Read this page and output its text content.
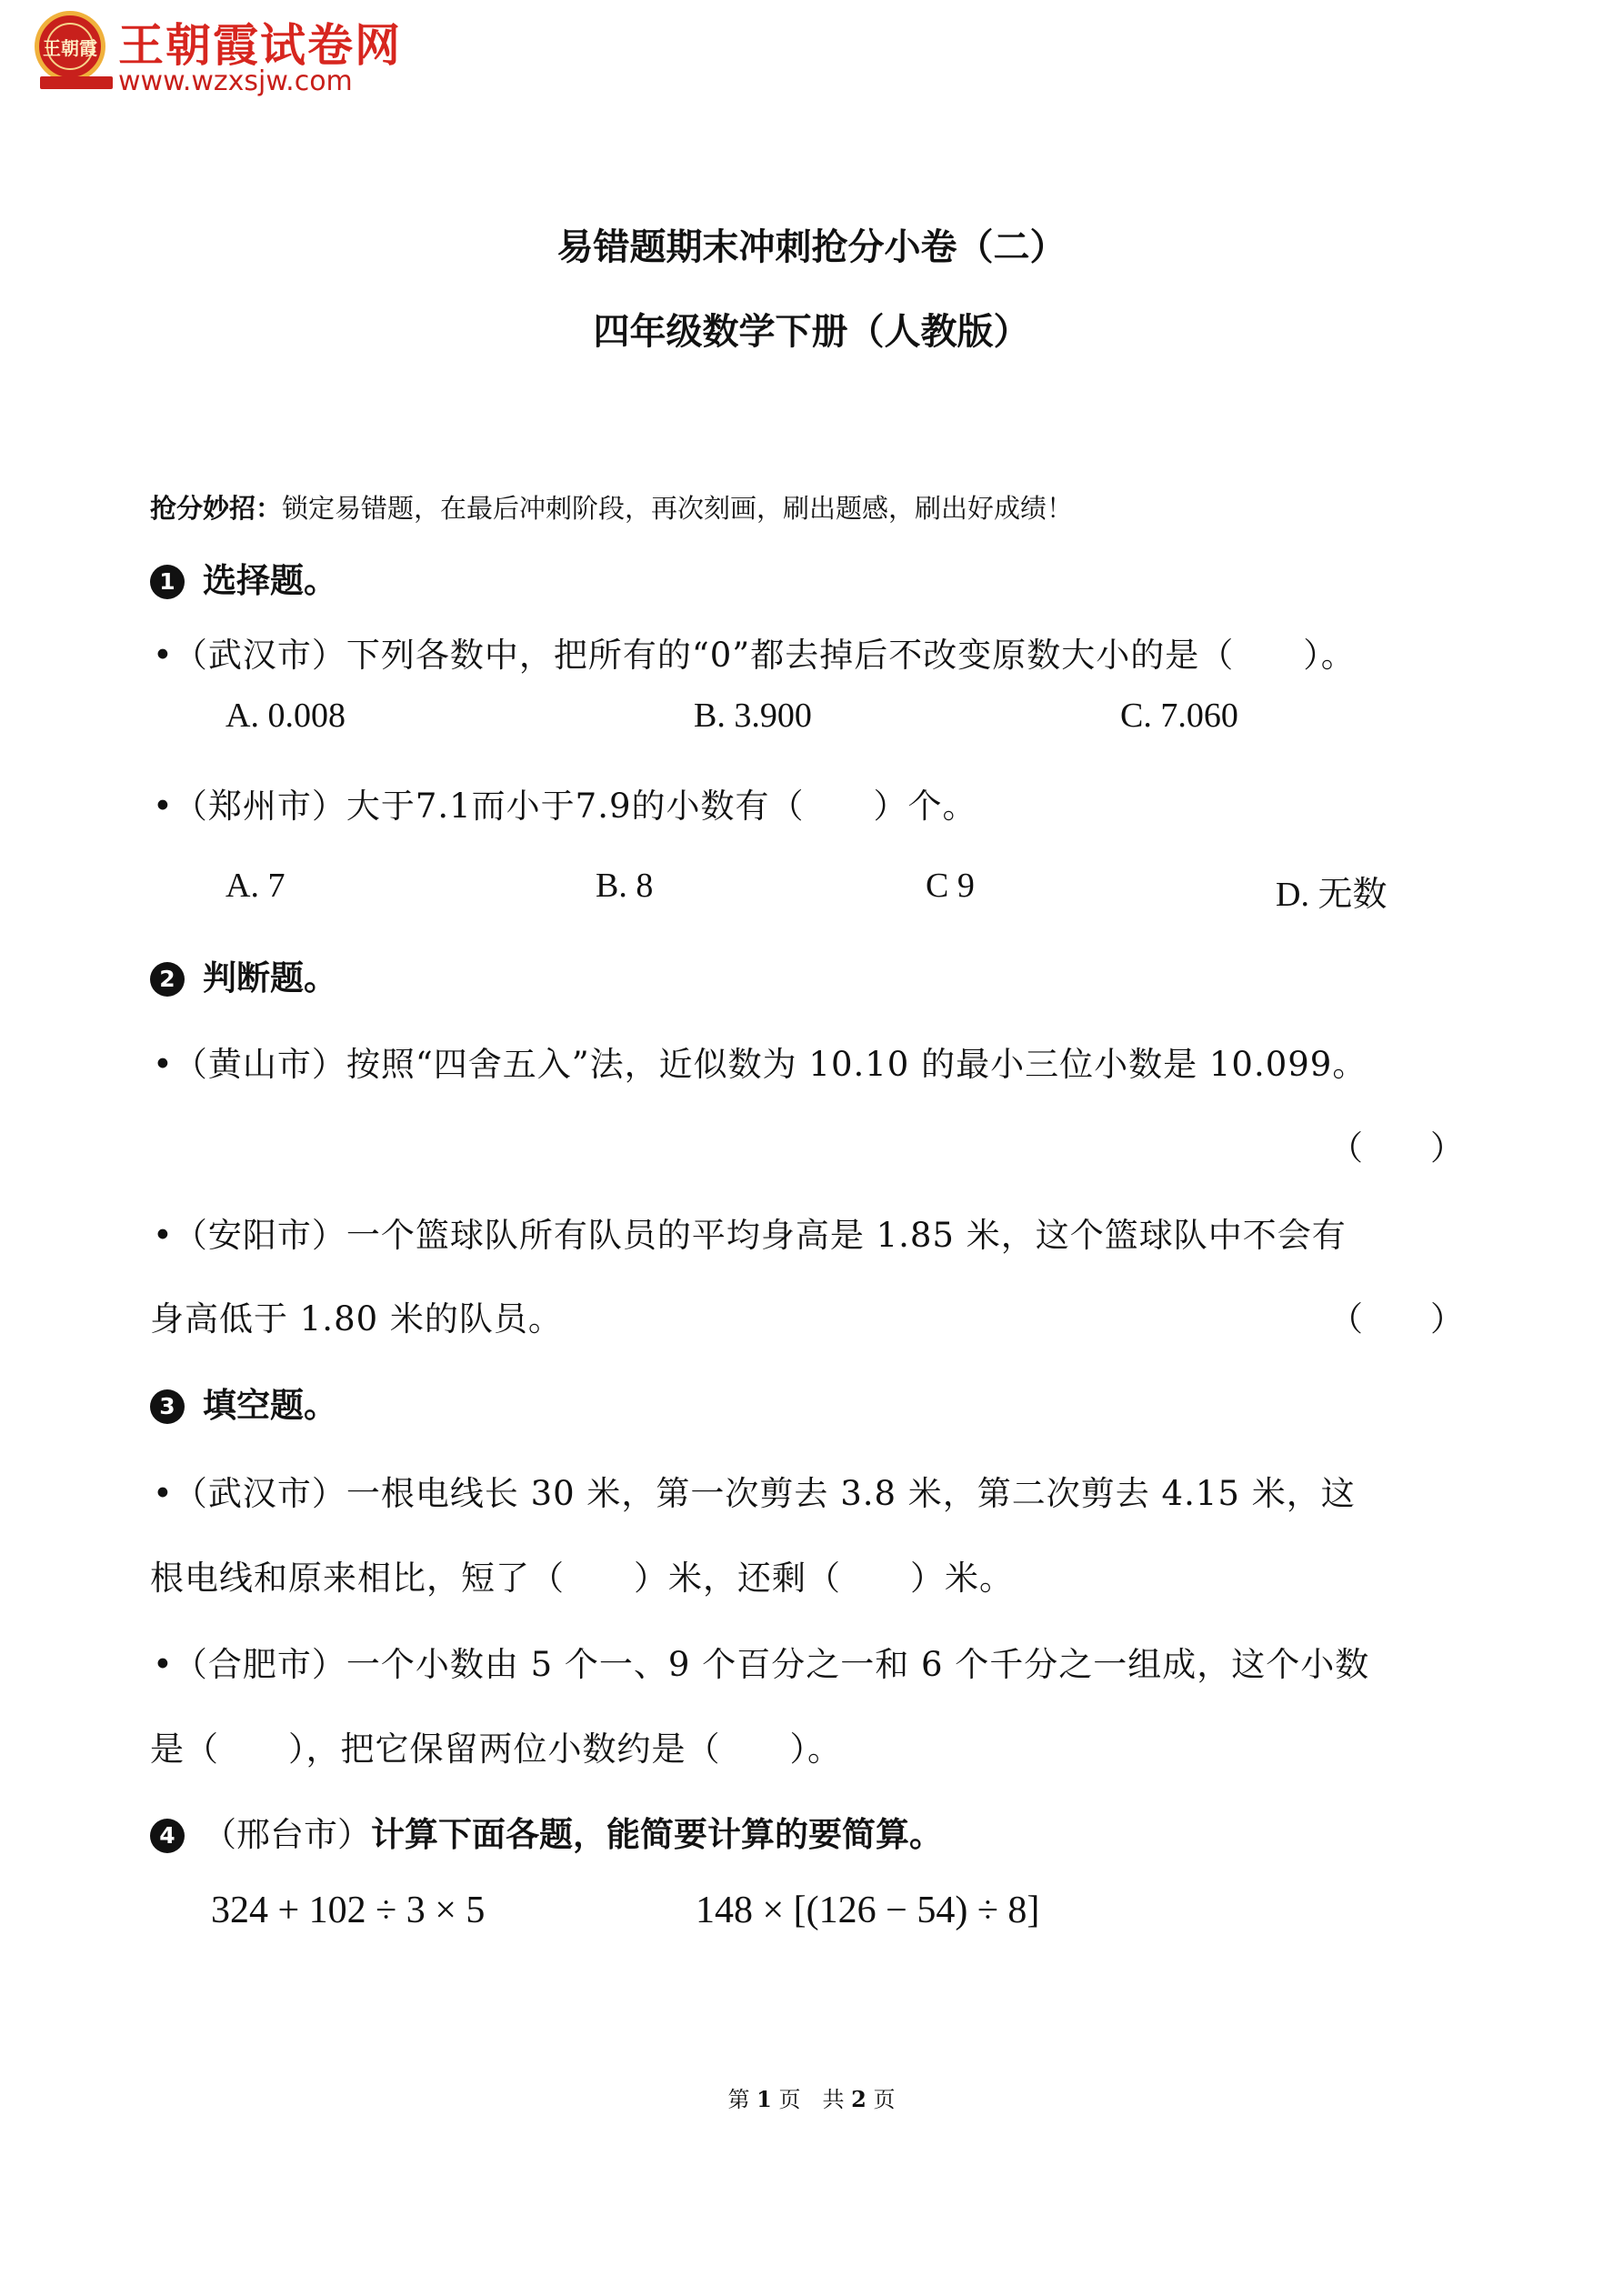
王朝霞 王朝霞试卷网
www.wzxsjw.com
易错题期末冲刺抢分小卷（二）
四年级数学下册（人教版）
抢分妙招：锁定易错题，在最后冲刺阶段，再次刻画，刷出题感，刷出好成绩！
1 选择题。
•（武汉市）下列各数中，把所有的“0”都去掉后不改变原数大小的是（　　）。
A. 0.008	B. 3.900	C. 7.060
•（郑州市）大于7.1而小于7.9的小数有（　　）个。
A. 7	B. 8	C 9	D. 无数
2 判断题。
•（黄山市）按照“四舍五入”法，近似数为 10.10 的最小三位小数是 10.099。
（　　）
•（安阳市）一个篮球队所有队员的平均身高是 1.85 米，这个篮球队中不会有
身高低于 1.80 米的队员。	（　　）
3 填空题。
•（武汉市）一根电线长 30 米，第一次剪去 3.8 米，第二次剪去 4.15 米，这
根电线和原来相比，短了（　　）米，还剩（　　）米。
•（合肥市）一个小数由 5 个一、9 个百分之一和 6 个千分之一组成，这个小数
是（　　），把它保留两位小数约是（　　）。
4 （邢台市）计算下面各题，能简要计算的要简算。
324 + 102 ÷ 3 × 5	148 × [(126 − 54) ÷ 8]
第 1 页　共 2 页
